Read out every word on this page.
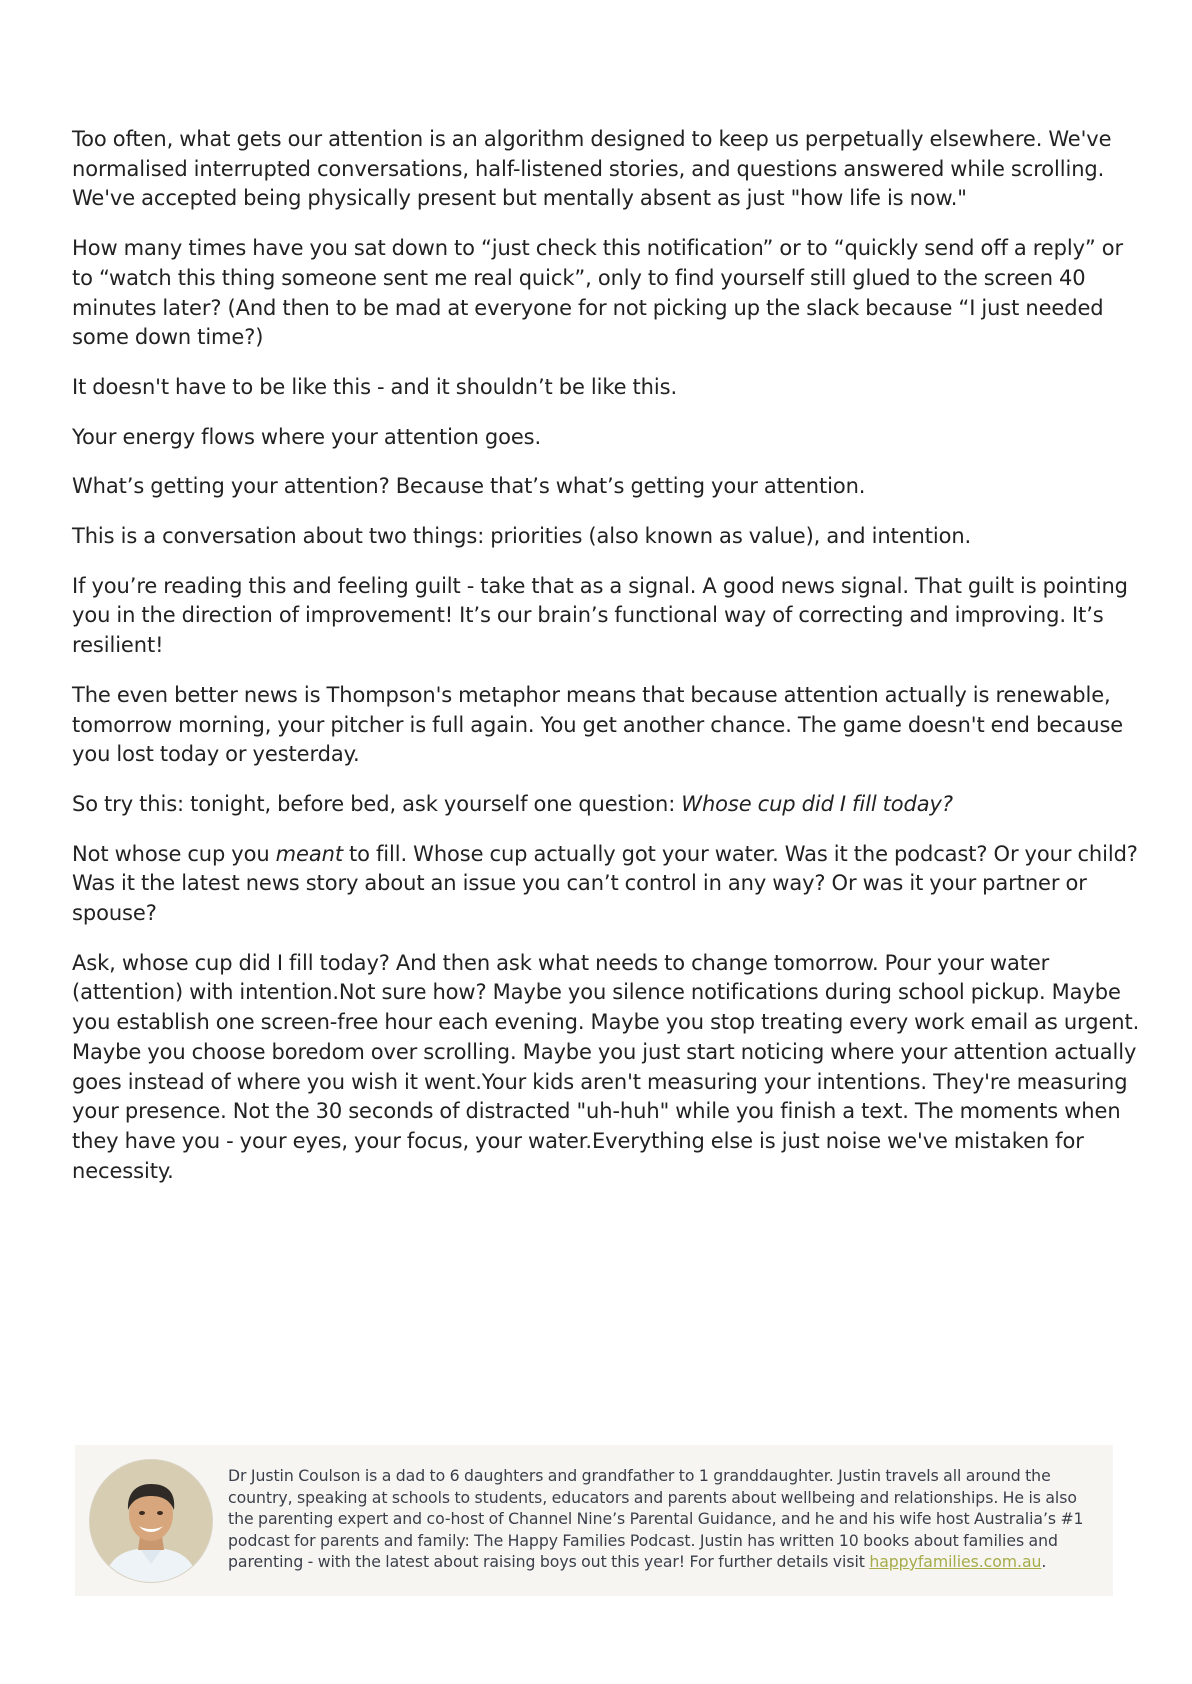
Too often, what gets our attention is an algorithm designed to keep us perpetually elsewhere. We've normalised interrupted conversations, half-listened stories, and questions answered while scrolling. We've accepted being physically present but mentally absent as just "how life is now."

How many times have you sat down to “just check this notification” or to “quickly send off a reply” or to “watch this thing someone sent me real quick”, only to find yourself still glued to the screen 40 minutes later? (And then to be mad at everyone for not picking up the slack because “I just needed some down time?)

It doesn't have to be like this - and it shouldn’t be like this.

Your energy flows where your attention goes.

What’s getting your attention? Because that’s what’s getting your attention.

This is a conversation about two things: priorities (also known as value), and intention.

If you’re reading this and feeling guilt - take that as a signal. A good news signal. That guilt is pointing you in the direction of improvement! It’s our brain’s functional way of correcting and improving. It’s resilient!

The even better news is Thompson's metaphor means that because attention actually is renewable, tomorrow morning, your pitcher is full again. You get another chance. The game doesn't end because you lost today or yesterday.

So try this: tonight, before bed, ask yourself one question: Whose cup did I fill today?

Not whose cup you meant to fill. Whose cup actually got your water. Was it the podcast? Or your child? Was it the latest news story about an issue you can’t control in any way? Or was it your partner or spouse?

Ask, whose cup did I fill today? And then ask what needs to change tomorrow. Pour your water (attention) with intention.Not sure how? Maybe you silence notifications during school pickup. Maybe you establish one screen-free hour each evening. Maybe you stop treating every work email as urgent. Maybe you choose boredom over scrolling. Maybe you just start noticing where your attention actually goes instead of where you wish it went.Your kids aren't measuring your intentions. They're measuring your presence. Not the 30 seconds of distracted "uh-huh" while you finish a text. The moments when they have you - your eyes, your focus, your water.Everything else is just noise we've mistaken for necessity.

Dr Justin Coulson is a dad to 6 daughters and grandfather to 1 granddaughter. Justin travels all around the country, speaking at schools to students, educators and parents about wellbeing and relationships. He is also the parenting expert and co-host of Channel Nine’s Parental Guidance, and he and his wife host Australia’s #1 podcast for parents and family: The Happy Families Podcast. Justin has written 10 books about families and parenting - with the latest about raising boys out this year! For further details visit happyfamilies.com.au.
